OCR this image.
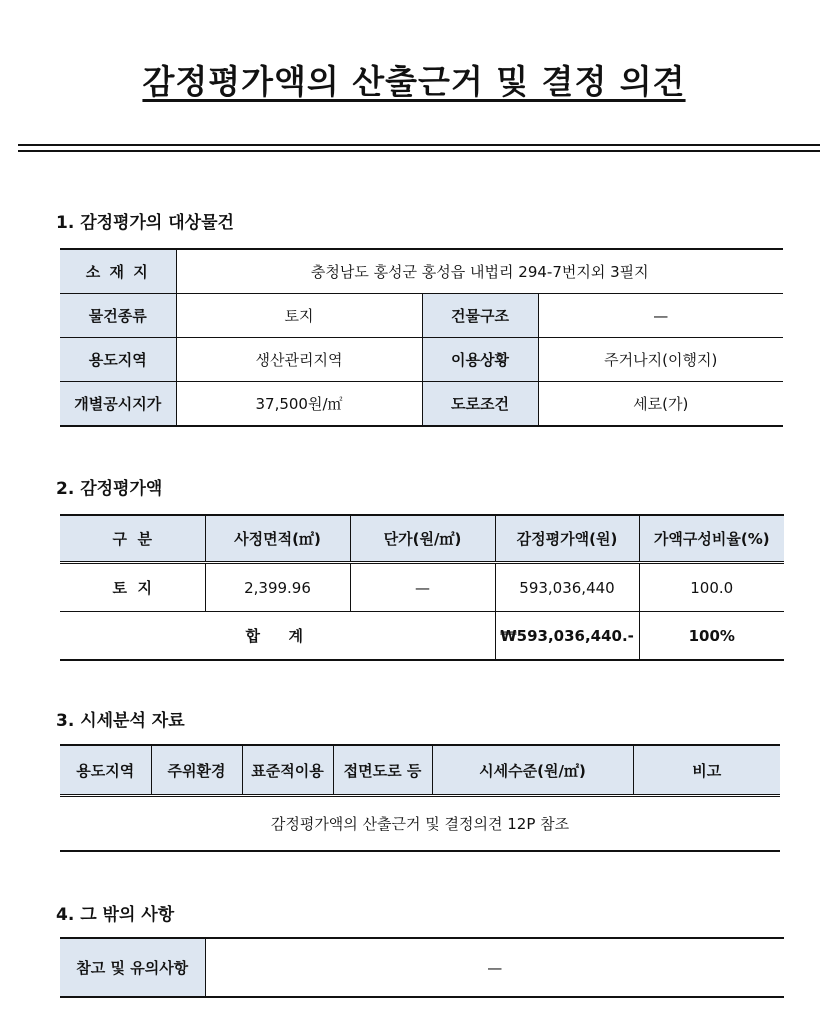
감정평가액의 산출근거 및 결정 의견
1. 감정평가의 대상물건
소 재 지	충청남도 홍성군 홍성읍 내법리 294-7번지외 3필지		
물건종류	토지	건물구조	—
용도지역	생산관리지역	이용상황	주거나지(이행지)
개별공시지가	37,500원/㎡	도로조건	세로(가)
2. 감정평가액
구  분	사정면적(㎡)	단가(원/㎡)	감정평가액(원)	가액구성비율(%)
토  지	2,399.96	—	593,036,440	100.0
합  계			₩593,036,440.-	100%
3. 시세분석 자료
용도지역	주위환경	표준적이용	접면도로 등	시세수준(원/㎡)	비고
감정평가액의 산출근거 및 결정의견 12P 참조
4. 그 밖의 사항
참고 및 유의사항	—
